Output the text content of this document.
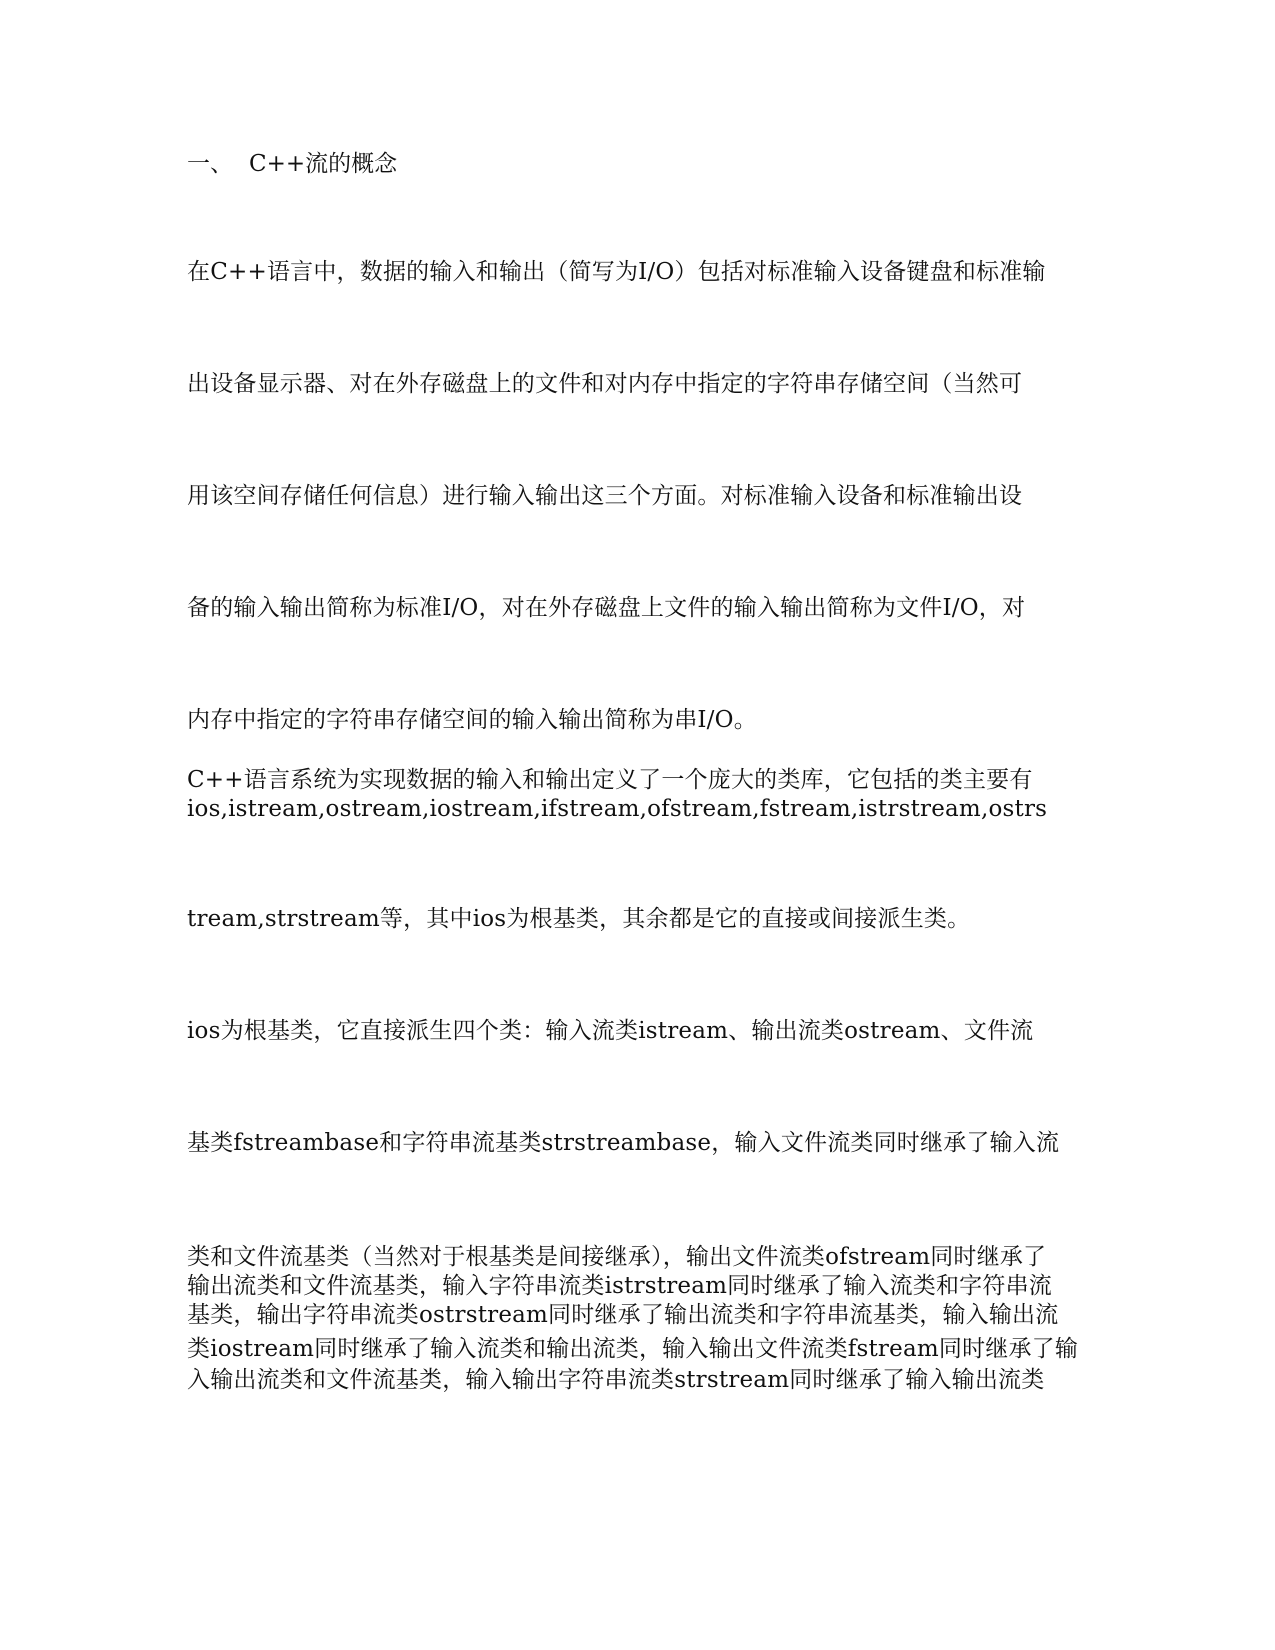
一、 C++流的概念
在C++语言中，数据的输入和输出（简写为I/O）包括对标准输入设备键盘和标准输
出设备显示器、对在外存磁盘上的文件和对内存中指定的字符串存储空间（当然可
用该空间存储任何信息）进行输入输出这三个方面。对标准输入设备和标准输出设
备的输入输出简称为标准I/O，对在外存磁盘上文件的输入输出简称为文件I/O，对
内存中指定的字符串存储空间的输入输出简称为串I/O。
C++语言系统为实现数据的输入和输出定义了一个庞大的类库，它包括的类主要有
ios,istream,ostream,iostream,ifstream,ofstream,fstream,istrstream,ostrs
tream,strstream等，其中ios为根基类，其余都是它的直接或间接派生类。
ios为根基类，它直接派生四个类：输入流类istream、输出流类ostream、文件流
基类fstreambase和字符串流基类strstreambase，输入文件流类同时继承了输入流
类和文件流基类（当然对于根基类是间接继承），输出文件流类ofstream同时继承了
输出流类和文件流基类，输入字符串流类istrstream同时继承了输入流类和字符串流
基类，输出字符串流类ostrstream同时继承了输出流类和字符串流基类，输入输出流
类iostream同时继承了输入流类和输出流类，输入输出文件流类fstream同时继承了输
入输出流类和文件流基类，输入输出字符串流类strstream同时继承了输入输出流类
